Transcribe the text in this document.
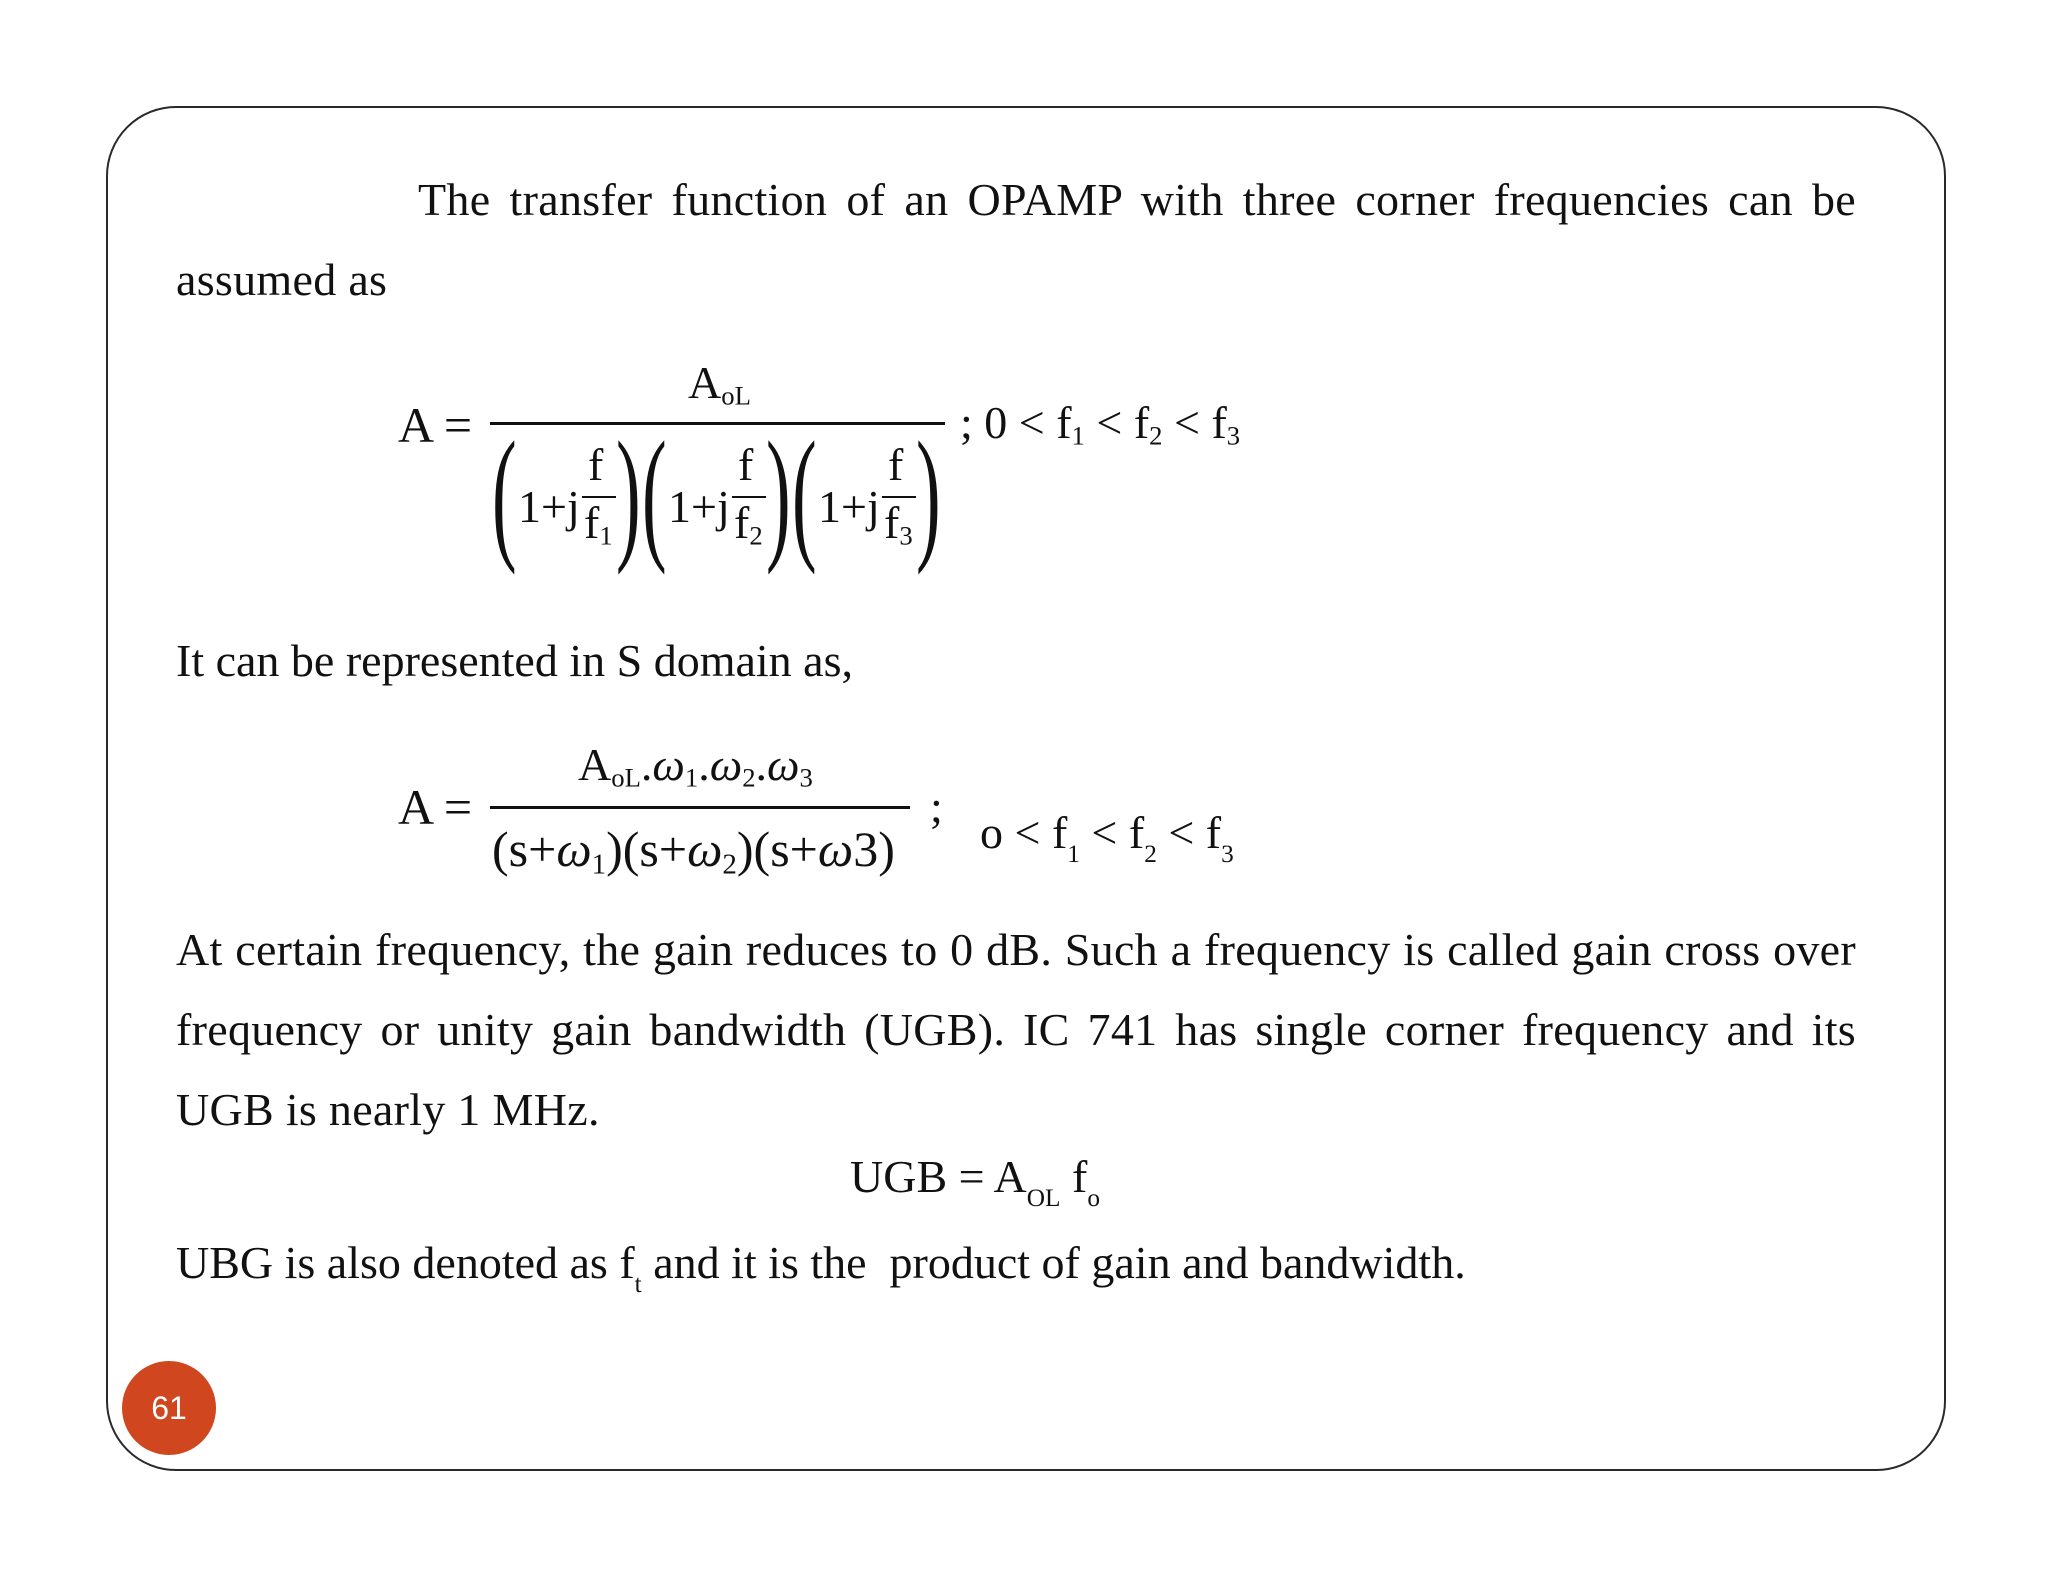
The transfer function of an OPAMP with three corner frequencies can be assumed as

A =
$A_{oL}$
( 1+j
f
$f_1$ ) ( 1+j
f
$f_2$ ) ( 1+j
f
$f_3$ ) ; $0 < f_1 < f_2 < f_3$
It can be represented in S domain as,
A =
$A_{oL}.\omega_1.\omega_2.\omega_3$
$(s+\omega_1)(s+\omega_2)(s+\omega 3)$
;
$o < f_1 < f_2 < f_3$

At certain frequency, the gain reduces to 0 dB. Such a frequency is called gain cross over frequency or unity gain bandwidth (UGB). IC 741 has single corner frequency and its UGB is nearly 1 MHz.

UGB = $A_{OL}$ $f_o$
UBG is also denoted as $f_t$ and it is the  product of gain and bandwidth.
61
